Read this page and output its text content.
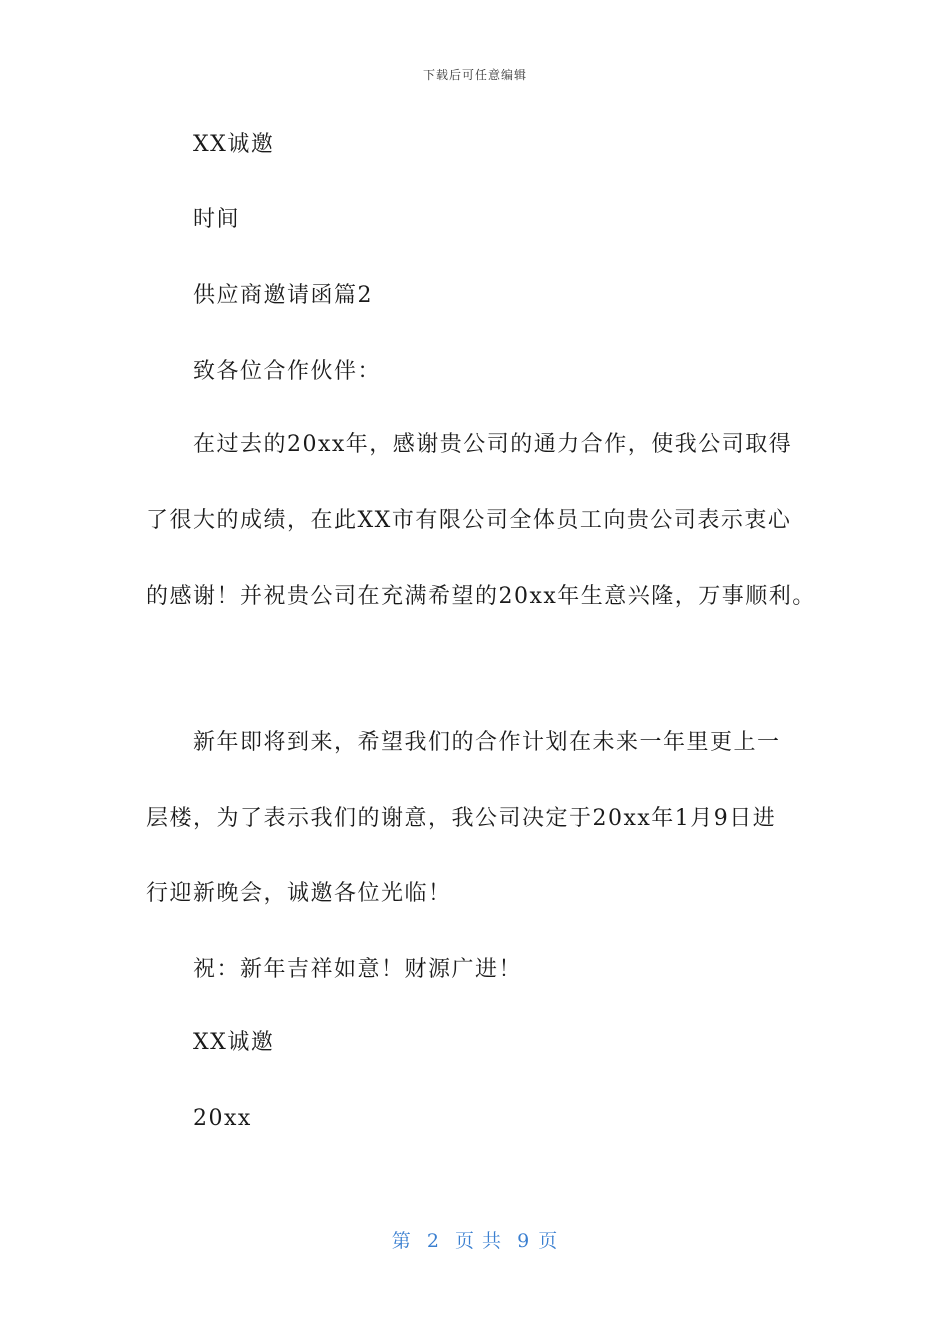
下载后可任意编辑
XX诚邀
时间
供应商邀请函篇2
致各位合作伙伴：
在过去的20xx年，感谢贵公司的通力合作，使我公司取得
了很大的成绩，在此XX市有限公司全体员工向贵公司表示衷心
的感谢！并祝贵公司在充满希望的20xx年生意兴隆，万事顺利。
新年即将到来，希望我们的合作计划在未来一年里更上一
层楼，为了表示我们的谢意，我公司决定于20xx年1月9日进
行迎新晚会，诚邀各位光临！
祝：新年吉祥如意！财源广进！
XX诚邀
20xx
第 2 页 共 9 页
